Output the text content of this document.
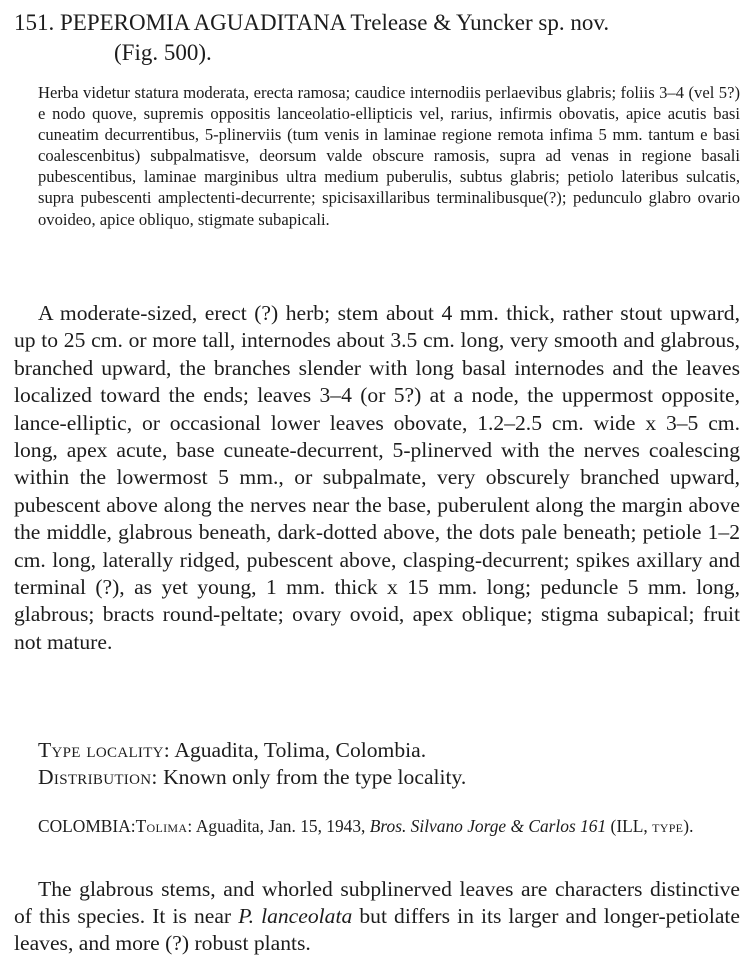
151. PEPEROMIA AGUADITANA Trelease & Yuncker sp. nov.
(Fig. 500).

Herba videtur statura moderata, erecta ramosa; caudice internodiis perlaevibus glabris; foliis 3–4 (vel 5?) e nodo quove, supremis oppositis lanceolatio-ellipticis vel, rarius, infirmis obovatis, apice acutis basi cuneatim decurrentibus, 5-plinerviis (tum venis in laminae regione remota infima 5 mm. tantum e basi coalescenbitus) subpalmatisve, deorsum valde obscure ramosis, supra ad venas in regione basali pubescentibus, laminae marginibus ultra medium puberulis, subtus glabris; petiolo lateribus sulcatis, supra pubescenti amplectenti-decurrente; spicisaxillaribus terminalibusque(?); pedunculo glabro ovario ovoideo, apice obliquo, stigmate subapicali.

A moderate-sized, erect (?) herb; stem about 4 mm. thick, rather stout upward, up to 25 cm. or more tall, internodes about 3.5 cm. long, very smooth and glabrous, branched upward, the branches slender with long basal internodes and the leaves localized toward the ends; leaves 3–4 (or 5?) at a node, the uppermost opposite, lance-elliptic, or occasional lower leaves obovate, 1.2–2.5 cm. wide x 3–5 cm. long, apex acute, base cuneate-decurrent, 5-plinerved with the nerves coalescing within the lowermost 5 mm., or subpalmate, very obscurely branched upward, pubescent above along the nerves near the base, puberulent along the margin above the middle, glabrous beneath, dark-dotted above, the dots pale beneath; petiole 1–2 cm. long, laterally ridged, pubescent above, clasping-decurrent; spikes axillary and terminal (?), as yet young, 1 mm. thick x 15 mm. long; peduncle 5 mm. long, glabrous; bracts round-peltate; ovary ovoid, apex oblique; stigma subapical; fruit not mature.

Type locality: Aguadita, Tolima, Colombia.

Distribution: Known only from the type locality.

COLOMBIA:Tolima: Aguadita, Jan. 15, 1943, Bros. Silvano Jorge & Carlos 161 (ILL, type).

The glabrous stems, and whorled subplinerved leaves are characters distinctive of this species. It is near P. lanceolata but differs in its larger and longer-petiolate leaves, and more (?) robust plants.
